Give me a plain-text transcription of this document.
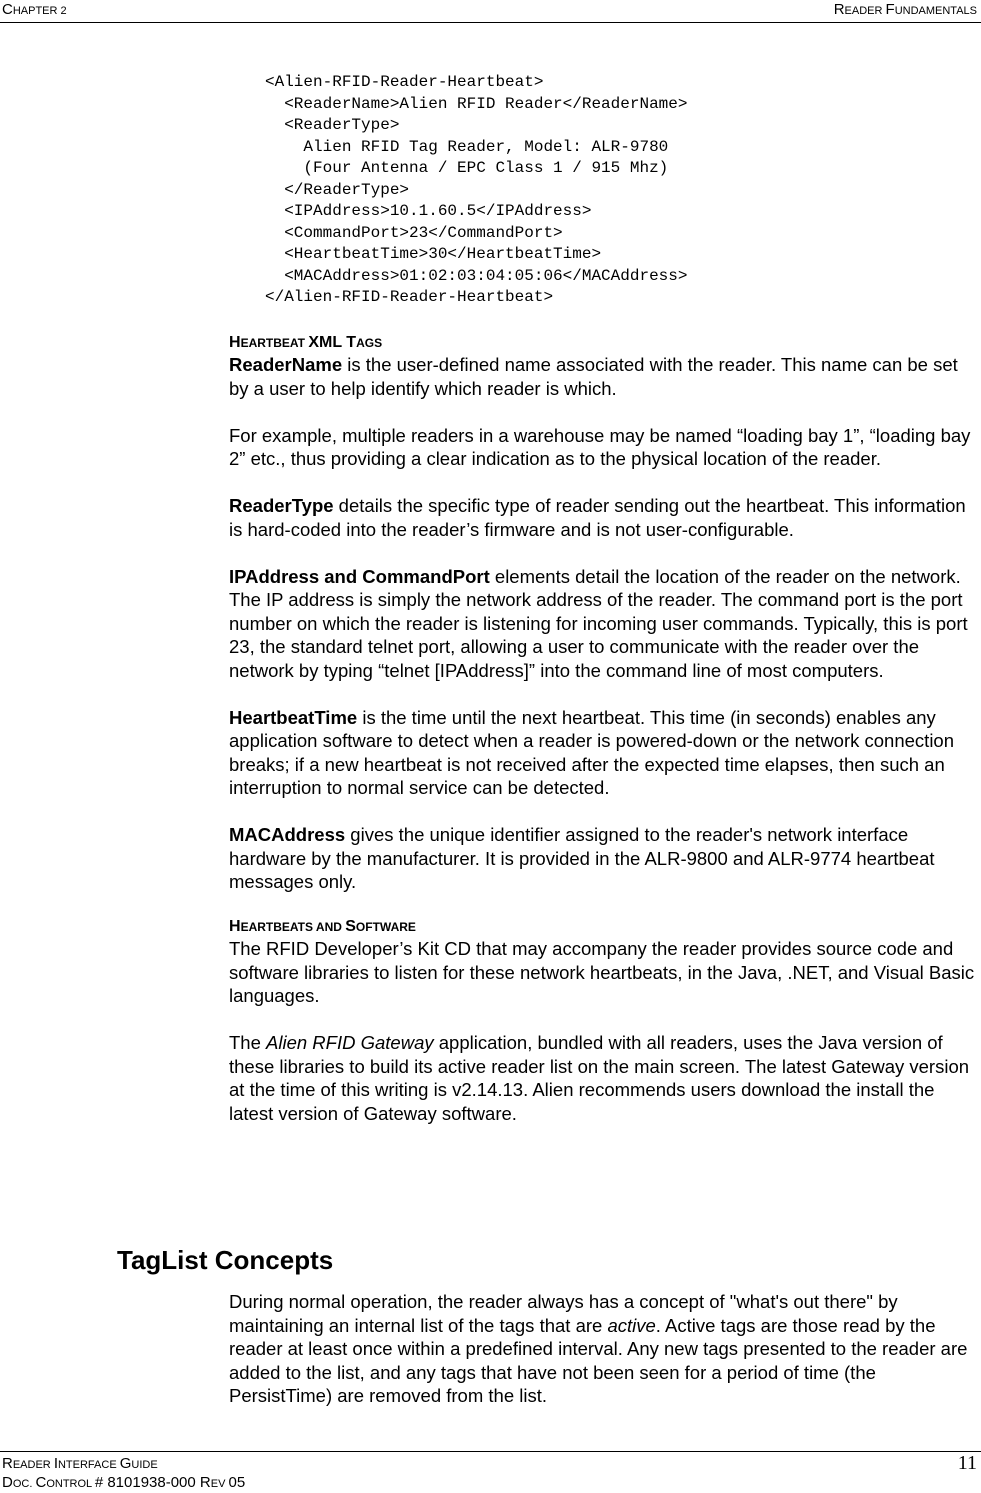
CHAPTER 2	READER FUNDAMENTALS
<Alien-RFID-Reader-Heartbeat>
<ReaderName>Alien RFID Reader</ReaderName>
<ReaderType>
Alien RFID Tag Reader, Model: ALR-9780
(Four Antenna / EPC Class 1 / 915 Mhz)
</ReaderType>
<IPAddress>10.1.60.5</IPAddress>
<CommandPort>23</CommandPort>
<HeartbeatTime>30</HeartbeatTime>
<MACAddress>01:02:03:04:05:06</MACAddress>
</Alien-RFID-Reader-Heartbeat>
HEARTBEAT XML TAGS

ReaderName is the user-defined name associated with the reader. This name can be set by a user to help identify which reader is which.

For example, multiple readers in a warehouse may be named “loading bay 1”, “loading bay 2” etc., thus providing a clear indication as to the physical location of the reader.

ReaderType details the specific type of reader sending out the heartbeat. This information is hard-coded into the reader’s firmware and is not user-configurable.

IPAddress and CommandPort elements detail the location of the reader on the network. The IP address is simply the network address of the reader. The command port is the port number on which the reader is listening for incoming user commands. Typically, this is port 23, the standard telnet port, allowing a user to communicate with the reader over the network by typing “telnet [IPAddress]” into the command line of most computers.

HeartbeatTime is the time until the next heartbeat. This time (in seconds) enables any application software to detect when a reader is powered-down or the network connection breaks; if a new heartbeat is not received after the expected time elapses, then such an interruption to normal service can be detected.

MACAddress gives the unique identifier assigned to the reader's network interface hardware by the manufacturer. It is provided in the ALR-9800 and ALR-9774 heartbeat messages only.

HEARTBEATS AND SOFTWARE

The RFID Developer’s Kit CD that may accompany the reader provides source code and software libraries to listen for these network heartbeats, in the Java, .NET, and Visual Basic languages.

The Alien RFID Gateway application, bundled with all readers, uses the Java version of these libraries to build its active reader list on the main screen. The latest Gateway version at the time of this writing is v2.14.13. Alien recommends users download the install the latest version of Gateway software.

TagList Concepts

During normal operation, the reader always has a concept of "what's out there" by maintaining an internal list of the tags that are active. Active tags are those read by the reader at least once within a predefined interval. Any new tags presented to the reader are added to the list, and any tags that have not been seen for a period of time (the PersistTime) are removed from the list.

READER INTERFACE GUIDE
DOC. CONTROL # 8101938-000 REV 05
11
